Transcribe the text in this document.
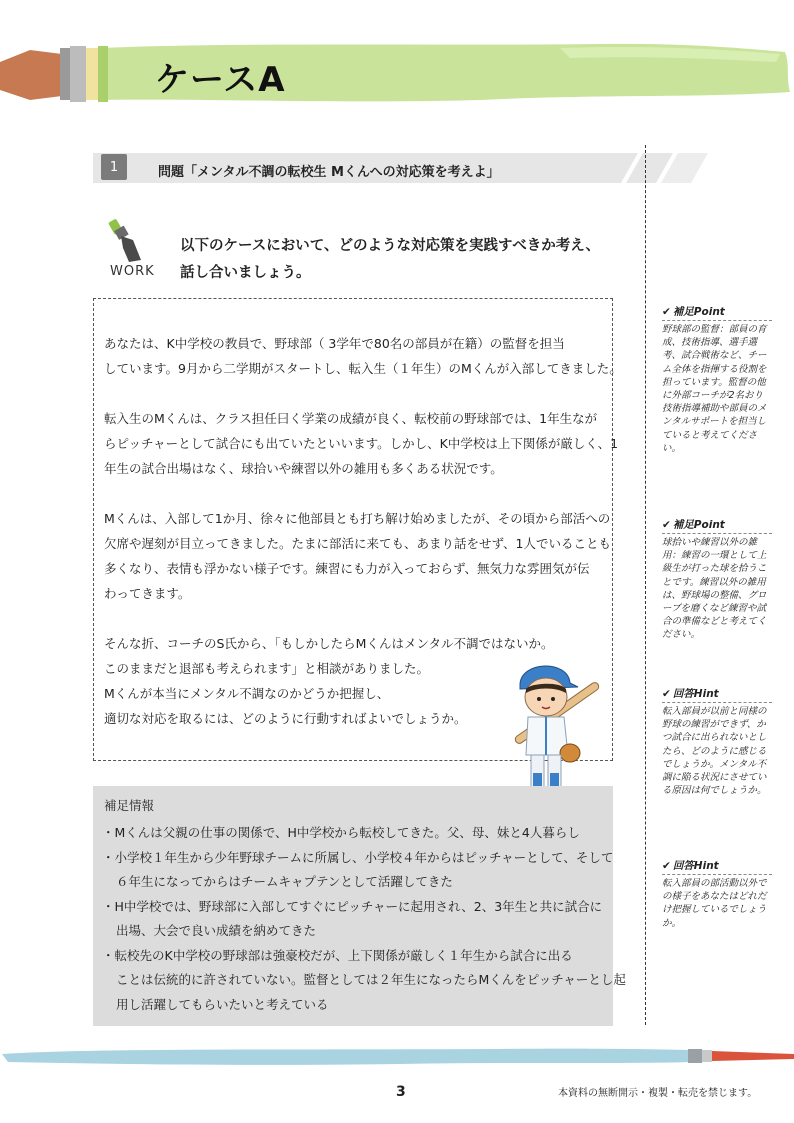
ケースA
1	問題「メンタル不調の転校生 Mくんへの対応策を考えよ」
WORK
以下のケースにおいて、どのような対応策を実践すべきか考え、
話し合いましょう。

あなたは、K中学校の教員で、野球部（ 3学年で80名の部員が在籍）の監督を担当
しています。9月から二学期がスタートし、転入生（１年生）のMくんが入部してきました。

転入生のMくんは、クラス担任曰く学業の成績が良く、転校前の野球部では、1年生なが
らピッチャーとして試合にも出ていたといいます。しかし、K中学校は上下関係が厳しく、1
年生の試合出場はなく、球拾いや練習以外の雑用も多くある状況です。

Mくんは、入部して1か月、徐々に他部員とも打ち解け始めましたが、その頃から部活への
欠席や遅刻が目立ってきました。たまに部活に来ても、あまり話をせず、1人でいることも
多くなり、表情も浮かない様子です。練習にも力が入っておらず、無気力な雰囲気が伝
わってきます。

そんな折、コーチのS氏から、「もしかしたらMくんはメンタル不調ではないか。
このままだと退部も考えられます」と相談がありました。
Mくんが本当にメンタル不調なのかどうか把握し、
適切な対応を取るには、どのように行動すればよいでしょうか。

補足情報
・Mくんは父親の仕事の関係で、H中学校から転校してきた。父、母、妹と4人暮らし
・小学校１年生から少年野球チームに所属し、小学校４年からはピッチャーとして、そして
６年生になってからはチームキャプテンとして活躍してきた
・H中学校では、野球部に入部してすぐにピッチャーに起用され、2、3年生と共に試合に
出場、大会で良い成績を納めてきた
・転校先のK中学校の野球部は強豪校だが、上下関係が厳しく１年生から試合に出る
ことは伝統的に許されていない。監督としては２年生になったらMくんをピッチャーとし起
用し活躍してもらいたいと考えている
✔ 補足Point
野球部の監督：部員の育成、技術指導、選手選考、試合戦術など、チーム全体を指揮する役割を担っています。監督の他に外部コーチが2名おり技術指導補助や部員のメンタルサポートを担当していると考えてください。
✔ 補足Point
球拾いや練習以外の雑用：練習の一環として上級生が打った球を拾うことです。練習以外の雑用は、野球場の整備、グローブを磨くなど練習や試合の準備などと考えてください。
✔ 回答Hint
転入部員が以前と同様の野球の練習ができず、かつ試合に出られないとしたら、どのように感じるでしょうか。メンタル不調に陥る状況にさせている原因は何でしょうか。
✔ 回答Hint
転入部員の部活動以外での様子をあなたはどれだけ把握しているでしょうか。
3	本資料の無断開示・複製・転売を禁じます。
